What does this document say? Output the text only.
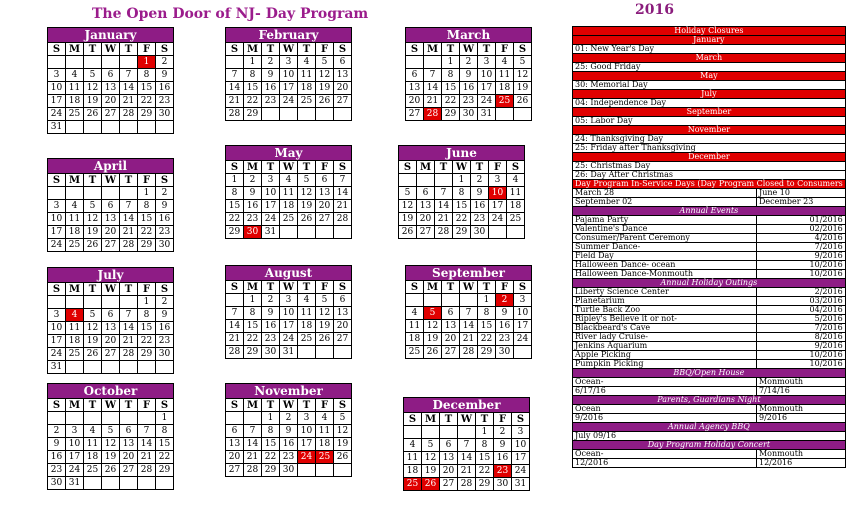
The Open Door of NJ- Day Program	2016
January						
S	M	T	W	T	F	S
					1	2
3	4	5	6	7	8	9
10	11	12	13	14	15	16
17	18	19	20	21	22	23
24	25	26	27	28	29	30
31						
February						
S	M	T	W	T	F	S
	1	2	3	4	5	6
7	8	9	10	11	12	13
14	15	16	17	18	19	20
21	22	23	24	25	26	27
28	29					
March						
S	M	T	W	T	F	S
		1	2	3	4	5
6	7	8	9	10	11	12
13	14	15	16	17	18	19
20	21	22	23	24	25	26
27	28	29	30	31		
April						
S	M	T	W	T	F	S
					1	2
3	4	5	6	7	8	9
10	11	12	13	14	15	16
17	18	19	20	21	22	23
24	25	26	27	28	29	30
May						
S	M	T	W	T	F	S
1	2	3	4	5	6	7
8	9	10	11	12	13	14
15	16	17	18	19	20	21
22	23	24	25	26	27	28
29	30	31				
June						
S	M	T	W	T	F	S
			1	2	3	4
5	6	7	8	9	10	11
12	13	14	15	16	17	18
19	20	21	22	23	24	25
26	27	28	29	30		
July						
S	M	T	W	T	F	S
					1	2
3	4	5	6	7	8	9
10	11	12	13	14	15	16
17	18	19	20	21	22	23
24	25	26	27	28	29	30
31						
August						
S	M	T	W	T	F	S
	1	2	3	4	5	6
7	8	9	10	11	12	13
14	15	16	17	18	19	20
21	22	23	24	25	26	27
28	29	30	31			
September						
S	M	T	W	T	F	S
				1	2	3
4	5	6	7	8	9	10
11	12	13	14	15	16	17
18	19	20	21	22	23	24
25	26	27	28	29	30	
October						
S	M	T	W	T	F	S
						1
2	3	4	5	6	7	8
9	10	11	12	13	14	15
16	17	18	19	20	21	22
23	24	25	26	27	28	29
30	31					
November						
S	M	T	W	T	F	S
		1	2	3	4	5
6	7	8	9	10	11	12
13	14	15	16	17	18	19
20	21	22	23	24	25	26
27	28	29	30			
December						
S	M	T	W	T	F	S
				1	2	3
4	5	6	7	8	9	10
11	12	13	14	15	16	17
18	19	20	21	22	23	24
25	26	27	28	29	30	31
Holiday Closures	
January	
01: New Year's Day	
March	
25: Good Friday	
May	
30: Memorial Day	
July	
04: Independence Day	
September	
05: Labor Day	
November	
24: Thanksgiving Day	
25: Friday after Thanksgiving	
December	
25: Christmas Day	
26: Day After Christmas	
Day Program In-Service Days (Day Program Closed to Consumers	
March 28	June 10
September 02	December 23
Annual Events	
Pajama Party	01/2016
Valentine's Dance	02/2016
Consumer/Parent Ceremony	4/2016
Summer Dance-	7/2016
Field Day	9/2016
Halloween Dance- ocean	10/2016
Halloween Dance-Monmouth	10/2016
Annual Holiday Outings	
Liberty Science Center	2/2016
Planetarium	03/2016
Turtle Back Zoo	04/2016
Ripley's Believe it or not-	5/2016
Blackbeard's Cave	7/2016
River lady Cruise-	8/2016
Jenkins Aquarium	9/2016
Apple Picking	10/2016
Pumpkin Picking	10/2016
BBQ/Open House	
Ocean-	Monmouth
6/17/16	7/14/16
Parents, Guardians Night	
Ocean	Monmouth
9/2016	9/2016
Annual Agency BBQ	
July 09/16	
Day Program Holiday Concert	
Ocean-	Monmouth
12/2016	12/2016
